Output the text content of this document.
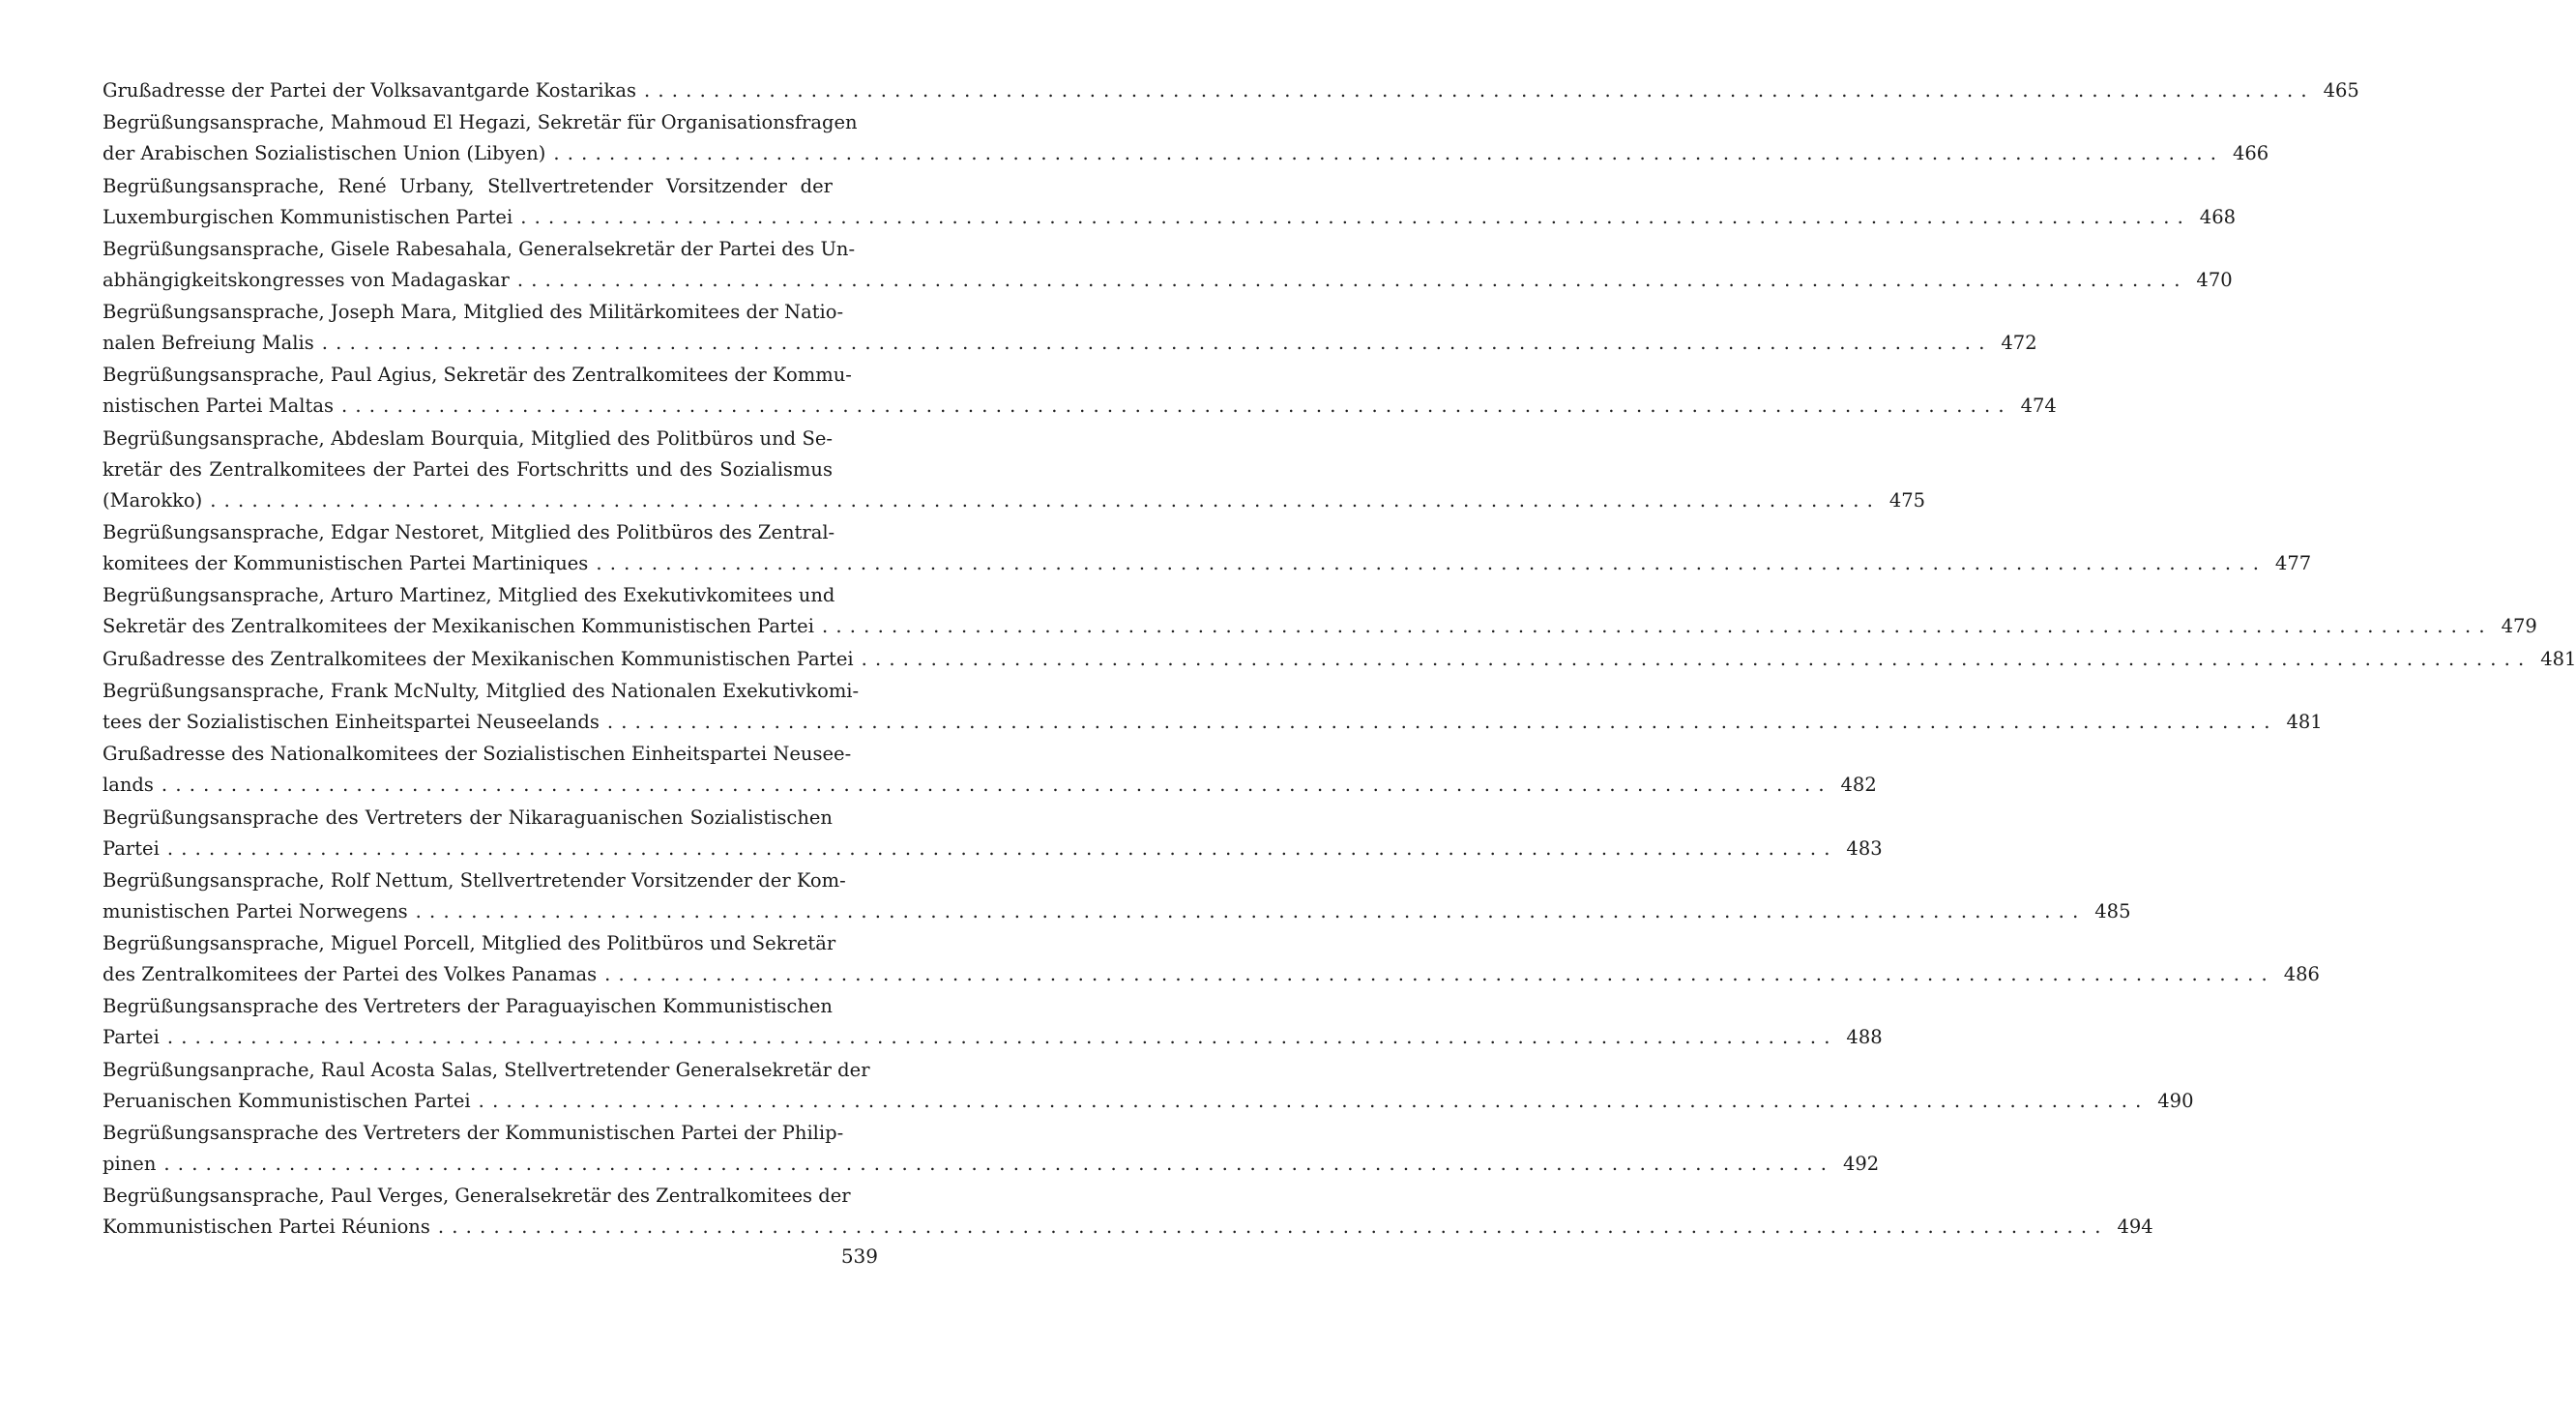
Grußadresse der Partei der Volksavantgarde Kostarikas ........................................................................................................................ 465
Begrüßungsansprache, Mahmoud El Hegazi, Sekretär für Organisationsfragen
der Arabischen Sozialistischen Union (Libyen) ........................................................................................................................ 466
Begrüßungsansprache, René Urbany, Stellvertretender Vorsitzender der
Luxemburgischen Kommunistischen Partei ........................................................................................................................ 468
Begrüßungsansprache, Gisele Rabesahala, Generalsekretär der Partei des Un-
abhängigkeitskongresses von Madagaskar ........................................................................................................................ 470
Begrüßungsansprache, Joseph Mara, Mitglied des Militärkomitees der Natio-
nalen Befreiung Malis ........................................................................................................................ 472
Begrüßungsansprache, Paul Agius, Sekretär des Zentralkomitees der Kommu-
nistischen Partei Maltas ........................................................................................................................ 474
Begrüßungsansprache, Abdeslam Bourquia, Mitglied des Politbüros und Se-
kretär des Zentralkomitees der Partei des Fortschritts und des Sozialismus
(Marokko) ........................................................................................................................ 475
Begrüßungsansprache, Edgar Nestoret, Mitglied des Politbüros des Zentral-
komitees der Kommunistischen Partei Martiniques ........................................................................................................................ 477
Begrüßungsansprache, Arturo Martinez, Mitglied des Exekutivkomitees und
Sekretär des Zentralkomitees der Mexikanischen Kommunistischen Partei ........................................................................................................................ 479
Grußadresse des Zentralkomitees der Mexikanischen Kommunistischen Partei ........................................................................................................................ 481
Begrüßungsansprache, Frank McNulty, Mitglied des Nationalen Exekutivkomi-
tees der Sozialistischen Einheitspartei Neuseelands ........................................................................................................................ 481
Grußadresse des Nationalkomitees der Sozialistischen Einheitspartei Neusee-
lands ........................................................................................................................ 482
Begrüßungsansprache des Vertreters der Nikaraguanischen Sozialistischen
Partei ........................................................................................................................ 483
Begrüßungsansprache, Rolf Nettum, Stellvertretender Vorsitzender der Kom-
munistischen Partei Norwegens ........................................................................................................................ 485
Begrüßungsansprache, Miguel Porcell, Mitglied des Politbüros und Sekretär
des Zentralkomitees der Partei des Volkes Panamas ........................................................................................................................ 486
Begrüßungsansprache des Vertreters der Paraguayischen Kommunistischen
Partei ........................................................................................................................ 488
Begrüßungsanprache, Raul Acosta Salas, Stellvertretender Generalsekretär der
Peruanischen Kommunistischen Partei ........................................................................................................................ 490
Begrüßungsansprache des Vertreters der Kommunistischen Partei der Philip-
pinen ........................................................................................................................ 492
Begrüßungsansprache, Paul Verges, Generalsekretär des Zentralkomitees der
Kommunistischen Partei Réunions ........................................................................................................................ 494
539
